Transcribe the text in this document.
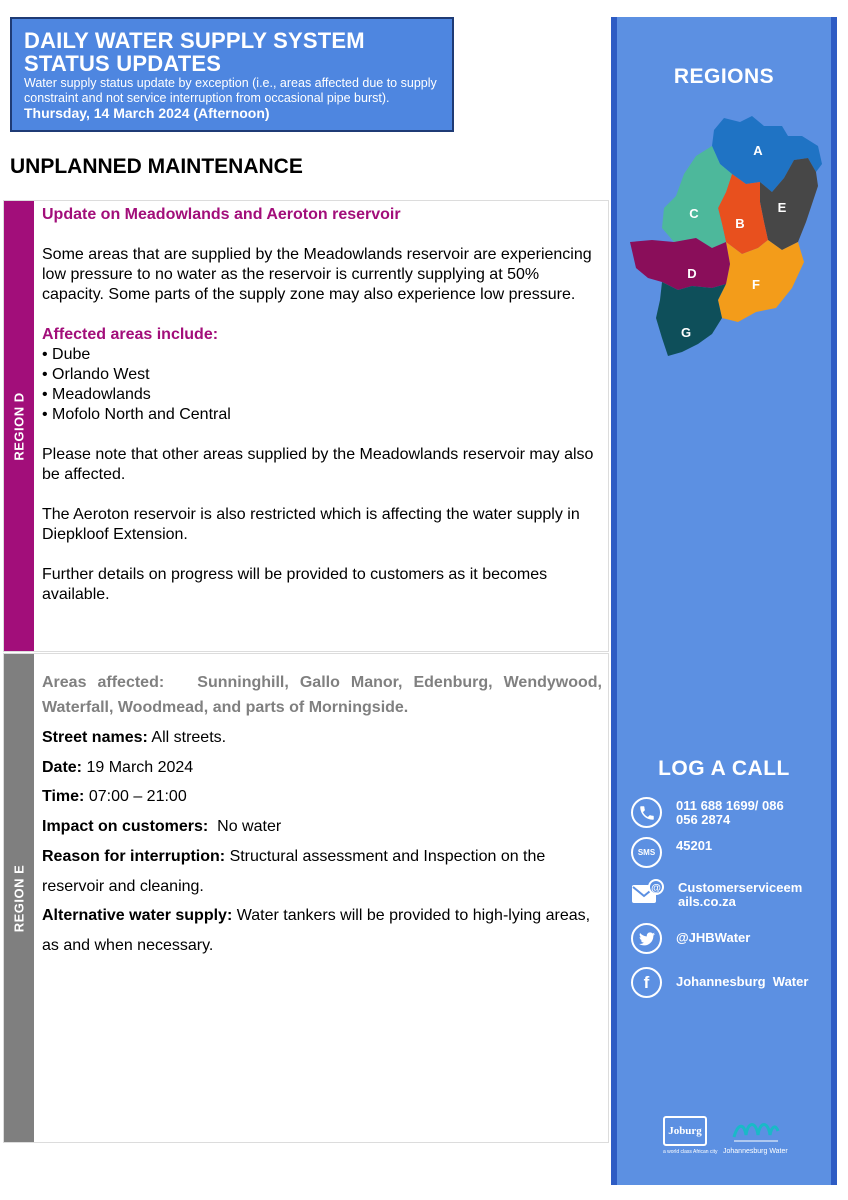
DAILY WATER SUPPLY SYSTEM
STATUS UPDATES
Water supply status update by exception (i.e., areas affected due to supply constraint and not service interruption from occasional pipe burst). Thursday, 14 March 2024 (Afternoon)
UNPLANNED MAINTENANCE
REGION D
Update on Meadowlands and Aeroton reservoir

Some areas that are supplied by the Meadowlands reservoir are experiencing low pressure to no water as the reservoir is currently supplying at 50% capacity. Some parts of the supply zone may also experience low pressure.

Affected areas include:
• Dube
• Orlando West
• Meadowlands
• Mofolo North and Central

Please note that other areas supplied by the Meadowlands reservoir may also be affected.

The Aeroton reservoir is also restricted which is affecting the water supply in Diepkloof Extension.

Further details on progress will be provided to customers as it becomes available.

REGION E

Areas affected: Sunninghill, Gallo Manor, Edenburg, Wendywood, Waterfall, Woodmead, and parts of Morningside.

Street names: All streets.

Date: 19 March 2024

Time: 07:00 – 21:00

Impact on customers: No water

Reason for interruption: Structural assessment and Inspection on the reservoir and cleaning.

Alternative water supply: Water tankers will be provided to high-lying areas, as and when necessary.

REGIONS
A
B
C
D
E
F
G
LOG A CALL
011 688 1699/ 086 056 2874
SMS 45201
@ Customerserviceemails.co.za
@JHBWater
f Johannesburg  Water
Joburg
a world class African city Johannesburg Water
